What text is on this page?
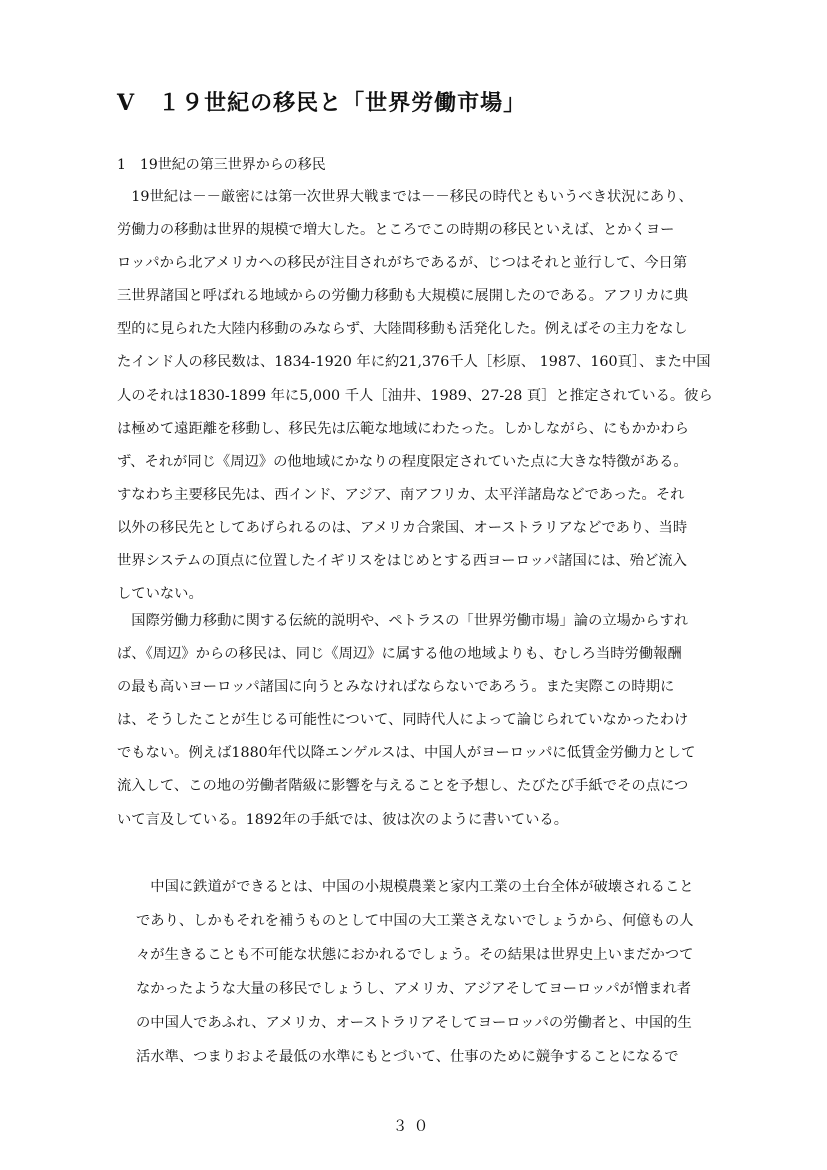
Ⅴ　１９世紀の移民と「世界労働市場」
1　19世紀の第三世界からの移民
　19世紀は－－厳密には第一次世界大戦までは－－移民の時代ともいうべき状況にあり、
労働力の移動は世界的規模で増大した。ところでこの時期の移民といえば、とかくヨー
ロッパから北アメリカへの移民が注目されがちであるが、じつはそれと並行して、今日第
三世界諸国と呼ばれる地域からの労働力移動も大規模に展開したのである。アフリカに典
型的に見られた大陸内移動のみならず、大陸間移動も活発化した。例えばその主力をなし
たインド人の移民数は、1834-1920 年に約21,376千人［杉原、 1987、160頁］、また中国
人のそれは1830-1899 年に5,000 千人［油井、1989、27-28 頁］と推定されている。彼ら
は極めて遠距離を移動し、移民先は広範な地域にわたった。しかしながら、にもかかわら
ず、それが同じ《周辺》の他地域にかなりの程度限定されていた点に大きな特徴がある。
すなわち主要移民先は、西インド、アジア、南アフリカ、太平洋諸島などであった。それ
以外の移民先としてあげられるのは、アメリカ合衆国、オーストラリアなどであり、当時
世界システムの頂点に位置したイギリスをはじめとする西ヨーロッパ諸国には、殆ど流入
していない。
　国際労働力移動に関する伝統的説明や、ペトラスの「世界労働市場」論の立場からすれ
ば、《周辺》からの移民は、同じ《周辺》に属する他の地域よりも、むしろ当時労働報酬
の最も高いヨーロッパ諸国に向うとみなければならないであろう。また実際この時期に
は、そうしたことが生じる可能性について、同時代人によって論じられていなかったわけ
でもない。例えば1880年代以降エンゲルスは、中国人がヨーロッパに低賃金労働力として
流入して、この地の労働者階級に影響を与えることを予想し、たびたび手紙でその点につ
いて言及している。1892年の手紙では、彼は次のように書いている。
　中国に鉄道ができるとは、中国の小規模農業と家内工業の土台全体が破壊されること
であり、しかもそれを補うものとして中国の大工業さえないでしょうから、何億もの人
々が生きることも不可能な状態におかれるでしょう。その結果は世界史上いまだかつて
なかったような大量の移民でしょうし、アメリカ、アジアそしてヨーロッパが憎まれ者
の中国人であふれ、アメリカ、オーストラリアそしてヨーロッパの労働者と、中国的生
活水準、つまりおよそ最低の水準にもとづいて、仕事のために競争することになるで
３０
